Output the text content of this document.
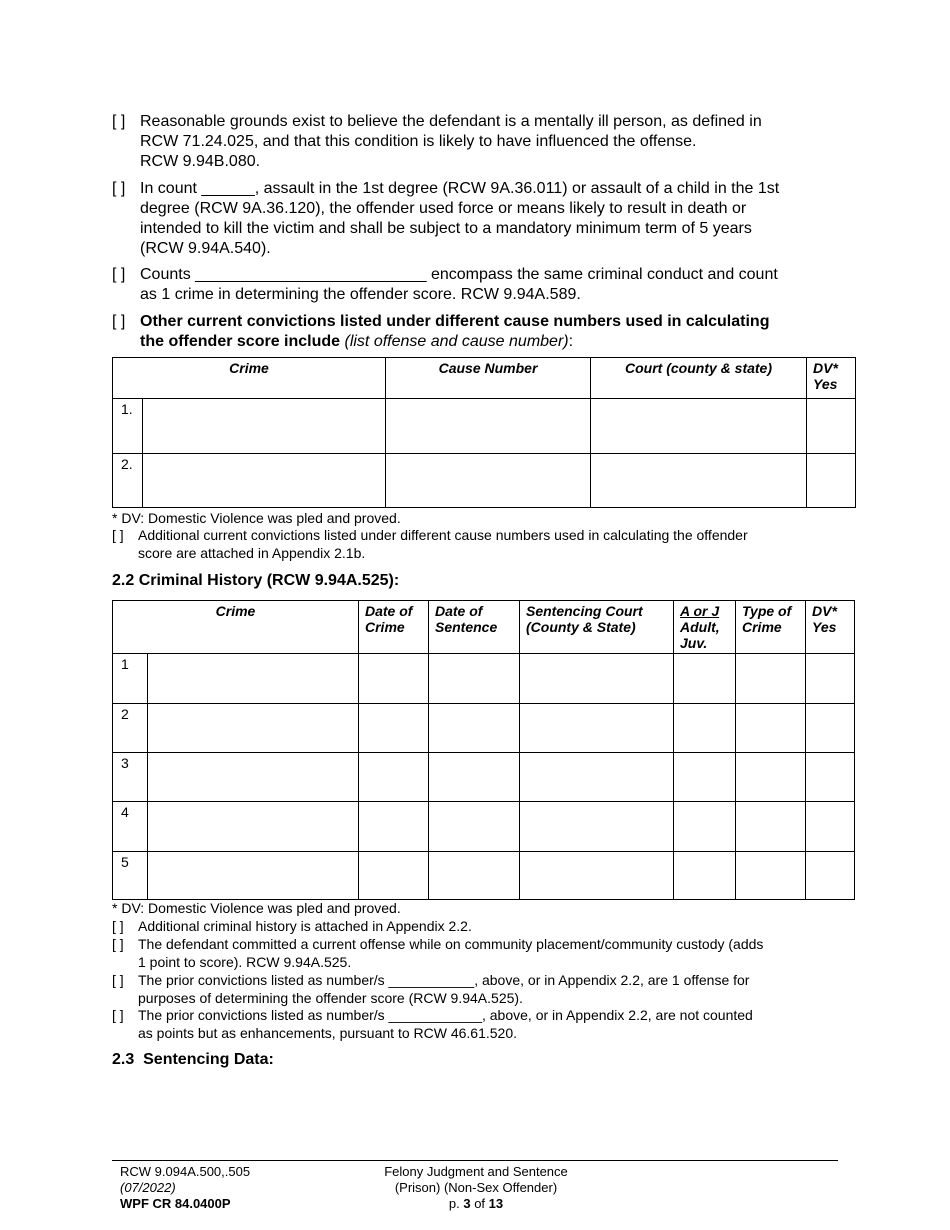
[ ] Reasonable grounds exist to believe the defendant is a mentally ill person, as defined in
RCW 71.24.025, and that this condition is likely to have influenced the offense.
RCW 9.94B.080.
[ ] In count ______, assault in the 1st degree (RCW 9A.36.011) or assault of a child in the 1st
degree (RCW 9A.36.120), the offender used force or means likely to result in death or
intended to kill the victim and shall be subject to a mandatory minimum term of 5 years
(RCW 9.94A.540).
[ ] Counts __________________________ encompass the same criminal conduct and count
as 1 crime in determining the offender score. RCW 9.94A.589.
[ ] Other current convictions listed under different cause numbers used in calculating
the offender score include (list offense and cause number):
Crime		Cause Number	Court (county & state)	DV* Yes
1.				
2.				
* DV: Domestic Violence was pled and proved.
[ ] Additional current convictions listed under different cause numbers used in calculating the offender
score are attached in Appendix 2.1b.
2.2 Criminal History (RCW 9.94A.525):
Crime		Date of Crime	Date of Sentence	Sentencing Court (County & State)	A or J
Adult, Juv.	Type of Crime	DV* Yes
1							
2							
3							
4							
5							
* DV: Domestic Violence was pled and proved.
[ ] Additional criminal history is attached in Appendix 2.2.
[ ] The defendant committed a current offense while on community placement/community custody (adds
1 point to score). RCW 9.94A.525.
[ ] The prior convictions listed as number/s ___________, above, or in Appendix 2.2, are 1 offense for
purposes of determining the offender score (RCW 9.94A.525).
[ ] The prior convictions listed as number/s ____________, above, or in Appendix 2.2, are not counted
as points but as enhancements, pursuant to RCW 46.61.520.
2.3  Sentencing Data:
RCW 9.094A.500,.505
(07/2022)
WPF CR 84.0400P
Felony Judgment and Sentence
(Prison) (Non-Sex Offender)
p. 3 of 13
